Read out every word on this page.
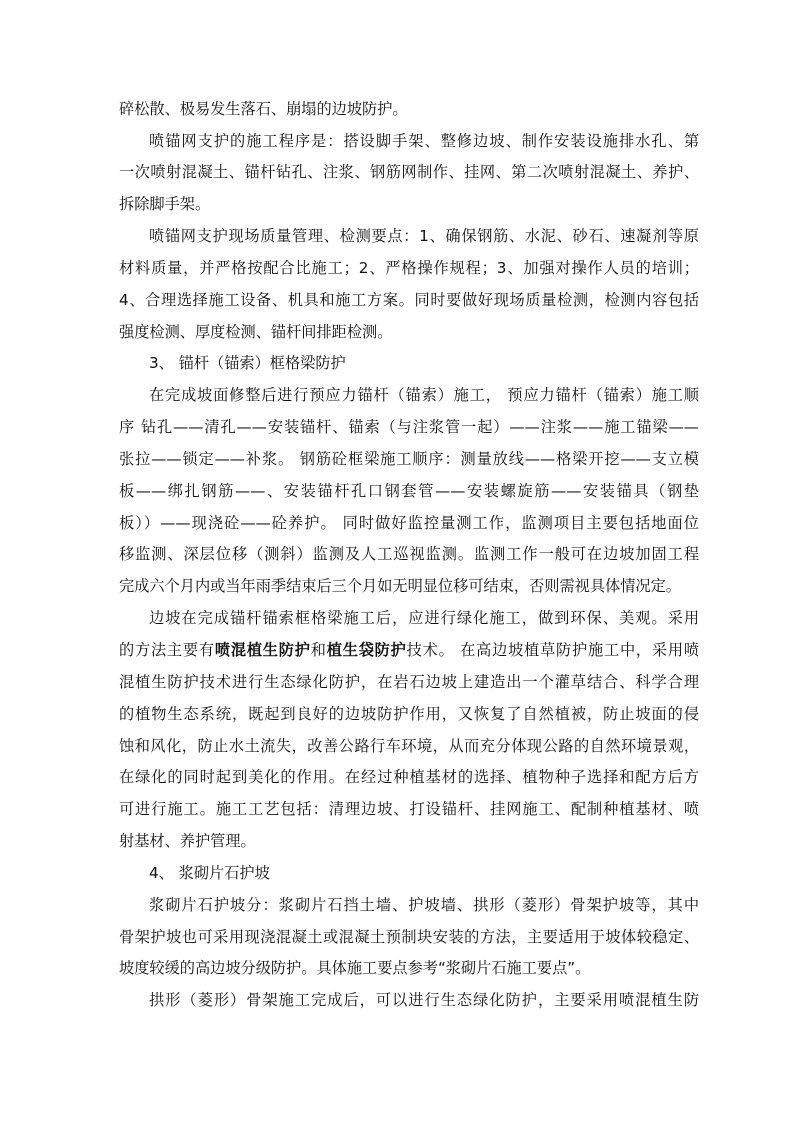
碎松散、极易发生落石、崩塌的边坡防护。
喷锚网支护的施工程序是：搭设脚手架、整修边坡、制作安装设施排水孔、第
一次喷射混凝土、锚杆钻孔、注浆、钢筋网制作、挂网、第二次喷射混凝土、养护、
拆除脚手架。
喷锚网支护现场质量管理、检测要点：1、确保钢筋、水泥、砂石、速凝剂等原
材料质量，并严格按配合比施工；2、严格操作规程；3、加强对操作人员的培训；
4、合理选择施工设备、机具和施工方案。同时要做好现场质量检测，检测内容包括
强度检测、厚度检测、锚杆间排距检测。
3、 锚杆（锚索）框格梁防护
在完成坡面修整后进行预应力锚杆（锚索）施工， 预应力锚杆（锚索）施工顺
序 钻孔——清孔——安装锚杆、锚索（与注浆管一起）——注浆——施工锚梁——
张拉——锁定——补浆。 钢筋砼框梁施工顺序：测量放线——格梁开挖——支立模
板——绑扎钢筋——、安装锚杆孔口钢套管——安装螺旋筋——安装锚具（钢垫
板））——现浇砼——砼养护。 同时做好监控量测工作，监测项目主要包括地面位
移监测、深层位移（测斜）监测及人工巡视监测。监测工作一般可在边坡加固工程
完成六个月内或当年雨季结束后三个月如无明显位移可结束，否则需视具体情况定。
边坡在完成锚杆锚索框格梁施工后，应进行绿化施工，做到环保、美观。采用
的方法主要有喷混植生防护和植生袋防护技术。 在高边坡植草防护施工中，采用喷
混植生防护技术进行生态绿化防护，在岩石边坡上建造出一个灌草结合、科学合理
的植物生态系统，既起到良好的边坡防护作用，又恢复了自然植被，防止坡面的侵
蚀和风化，防止水土流失，改善公路行车环境，从而充分体现公路的自然环境景观，
在绿化的同时起到美化的作用。在经过种植基材的选择、植物种子选择和配方后方
可进行施工。施工工艺包括：清理边坡、打设锚杆、挂网施工、配制种植基材、喷
射基材、养护管理。
4、 浆砌片石护坡
浆砌片石护坡分：浆砌片石挡土墙、护坡墙、拱形（菱形）骨架护坡等，其中
骨架护坡也可采用现浇混凝土或混凝土预制块安装的方法，主要适用于坡体较稳定、
坡度较缓的高边坡分级防护。具体施工要点参考“浆砌片石施工要点”。
拱形（菱形）骨架施工完成后，可以进行生态绿化防护，主要采用喷混植生防
